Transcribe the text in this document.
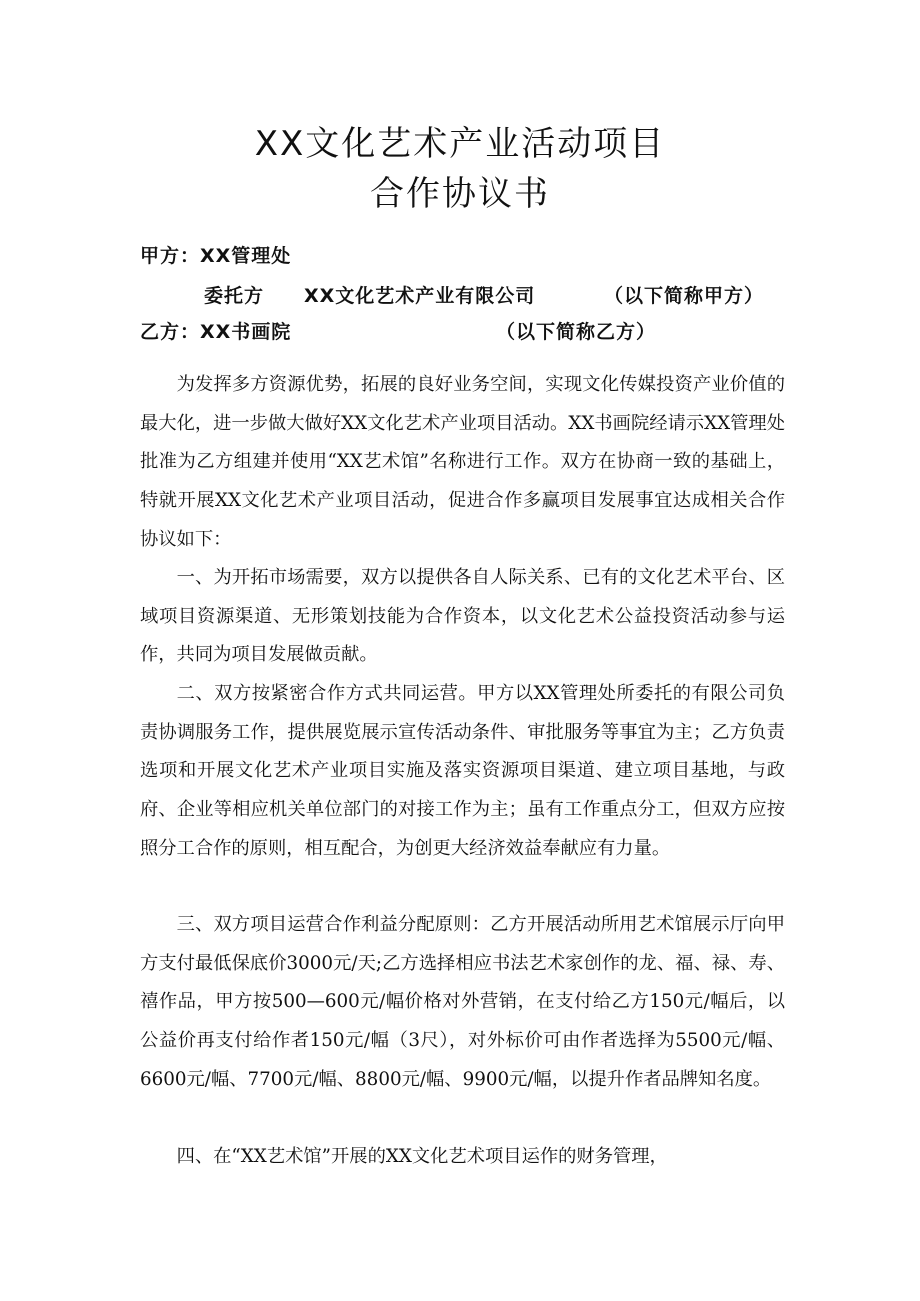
XX文化艺术产业活动项目
合作协议书
甲方：XX管理处
委托方 XX文化艺术产业有限公司	（以下简称甲方）
乙方：XX书画院	（以下简称乙方）

为发挥多方资源优势，拓展的良好业务空间，实现文化传媒投资产业价值的最大化，进一步做大做好XX文化艺术产业项目活动。XX书画院经请示XX管理处批准为乙方组建并使用“XX艺术馆”名称进行工作。双方在协商一致的基础上，特就开展XX文化艺术产业项目活动，促进合作多赢项目发展事宜达成相关合作协议如下：

一、为开拓市场需要，双方以提供各自人际关系、已有的文化艺术平台、区域项目资源渠道、无形策划技能为合作资本，以文化艺术公益投资活动参与运作，共同为项目发展做贡献。

二、双方按紧密合作方式共同运营。甲方以XX管理处所委托的有限公司负责协调服务工作，提供展览展示宣传活动条件、审批服务等事宜为主；乙方负责选项和开展文化艺术产业项目实施及落实资源项目渠道、建立项目基地，与政府、企业等相应机关单位部门的对接工作为主；虽有工作重点分工，但双方应按照分工合作的原则，相互配合，为创更大经济效益奉献应有力量。

三、双方项目运营合作利益分配原则：乙方开展活动所用艺术馆展示厅向甲方支付最低保底价3000元/天;乙方选择相应书法艺术家创作的龙、福、禄、寿、禧作品，甲方按500—600元/幅价格对外营销，在支付给乙方150元/幅后，以公益价再支付给作者150元/幅（3尺），对外标价可由作者选择为5500元/幅、6600元/幅、7700元/幅、8800元/幅、9900元/幅，以提升作者品牌知名度。

四、在“XX艺术馆”开展的XX文化艺术项目运作的财务管理，
